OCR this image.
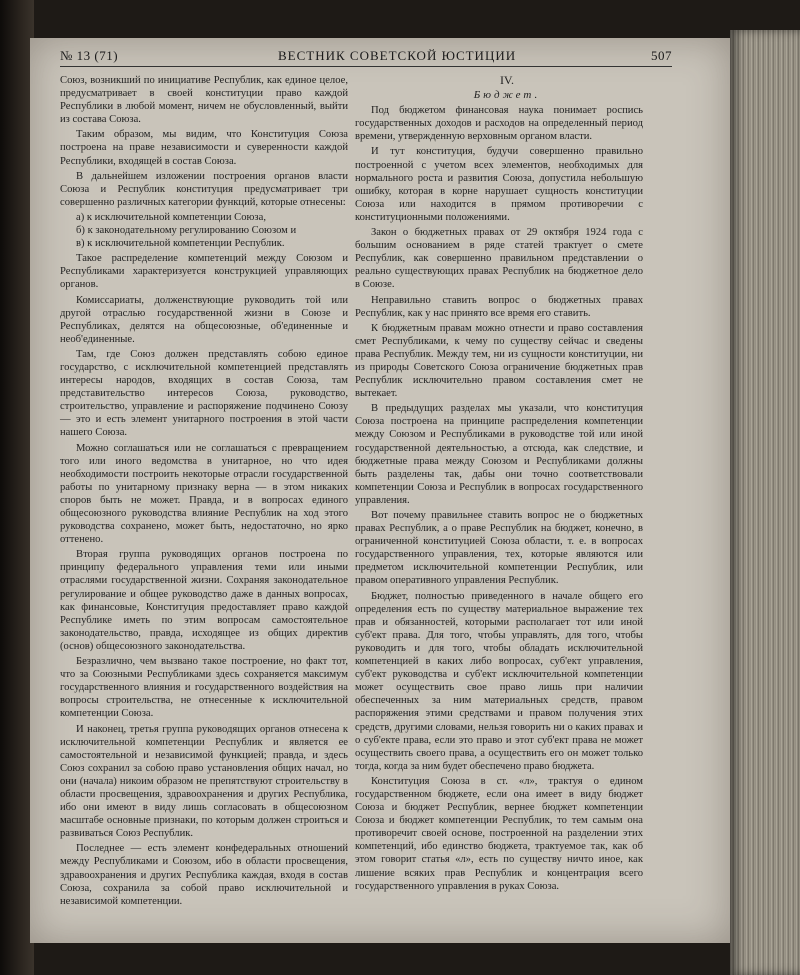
№ 13 (71)	ВЕСТНИК СОВЕТСКОЙ ЮСТИЦИИ	507

Союз, возникший по инициативе Республик, как единое целое, предусматривает в своей конституции право каждой Республики в любой момент, ничем не обусловленный, выйти из состава Союза.

Таким образом, мы видим, что Конституция Союза построена на праве независимости и суверенности каждой Республики, входящей в состав Союза.

В дальнейшем изложении построения органов власти Союза и Республик конституция предусматривает три совершенно различных категории функций, которые отнесены:

а) к исключительной компетенции Союза,

б) к законодательному регулированию Союзом и

в) к исключительной компетенции Республик.

Такое распределение компетенций между Союзом и Республиками характеризуется конструкцией управляющих органов.

Комиссариаты, долженствующие руководить той или другой отраслью государственной жизни в Союзе и Республиках, делятся на общесоюзные, об'единенные и необ'единенные.

Там, где Союз должен представлять собою единое государство, с исключительной компетенцией представлять интересы народов, входящих в состав Союза, там представительство интересов Союза, руководство, строительство, управление и распоряжение подчинено Союзу — это и есть элемент унитарного построения в этой части нашего Союза.

Можно соглашаться или не соглашаться с превращением того или иного ведомства в унитарное, но что идея необходимости построить некоторые отрасли государственной работы по унитарному признаку верна — в этом никаких споров быть не может. Правда, и в вопросах единого общесоюзного руководства влияние Республик на ход этого руководства сохранено, может быть, недостаточно, но ярко оттенено.

Вторая группа руководящих органов построена по принципу федерального управления теми или иными отраслями государственной жизни. Сохраняя законодательное регулирование и общее руководство даже в данных вопросах, как финансовые, Конституция предоставляет право каждой Республике иметь по этим вопросам самостоятельное законодательство, правда, исходящее из общих директив (основ) общесоюзного законодательства.

Безразлично, чем вызвано такое построение, но факт тот, что за Союзными Республиками здесь сохраняется максимум государственного влияния и государственного воздействия на вопросы строительства, не отнесенные к исключительной компетенции Союза.

И наконец, третья группа руководящих органов отнесена к исключительной компетенции Республик и является ее самостоятельной и независимой функцией; правда, и здесь Союз сохранил за собою право установления общих начал, но они (начала) никоим образом не препятствуют строительству в области просвещения, здравоохранения и других Республика, ибо они имеют в виду лишь согласовать в общесоюзном масштабе основные признаки, по которым должен строиться и развиваться Союз Республик.

Последнее — есть элемент конфедеральных отношений между Республиками и Союзом, ибо в области просвещения, здравоохранения и других Республика каждая, входя в состав Союза, сохранила за собой право исключительной и независимой компетенции.

IV.

Бюджет.

Под бюджетом финансовая наука понимает роспись государственных доходов и расходов на определенный период времени, утвержденную верховным органом власти.

И тут конституция, будучи совершенно правильно построенной с учетом всех элементов, необходимых для нормального роста и развития Союза, допустила небольшую ошибку, которая в корне нарушает сущность конституции Союза или находится в прямом противоречии с конституционными положениями.

Закон о бюджетных правах от 29 октября 1924 года с большим основанием в ряде статей трактует о смете Республик, как совершенно правильном представлении о реально существующих правах Республик на бюджетное дело в Союзе.

Неправильно ставить вопрос о бюджетных правах Республик, как у нас принято все время его ставить.

К бюджетным правам можно отнести и право составления смет Республиками, к чему по существу сейчас и сведены права Республик. Между тем, ни из сущности конституции, ни из природы Советского Союза ограничение бюджетных прав Республик исключительно правом составления смет не вытекает.

В предыдущих разделах мы указали, что конституция Союза построена на принципе распределения компетенции между Союзом и Республиками в руководстве той или иной государственной деятельностью, а отсюда, как следствие, и бюджетные права между Союзом и Республиками должны быть разделены так, дабы они точно соответствовали компетенции Союза и Республик в вопросах государственного управления.

Вот почему правильнее ставить вопрос не о бюджетных правах Республик, а о праве Республик на бюджет, конечно, в ограниченной конституцией Союза области, т. е. в вопросах государственного управления, тех, которые являются или предметом исключительной компетенции Республик, или правом оперативного управления Республик.

Бюджет, полностью приведенного в начале общего его определения есть по существу материальное выражение тех прав и обязанностей, которыми располагает тот или иной суб'ект права. Для того, чтобы управлять, для того, чтобы руководить и для того, чтобы обладать исключительной компетенцией в каких либо вопросах, суб'ект управления, суб'ект руководства и суб'ект исключительной компетенции может осуществить свое право лишь при наличии обеспеченных за ним материальных средств, правом распоряжения этими средствами и правом получения этих средств, другими словами, нельзя говорить ни о каких правах и о суб'екте права, если это право и этот суб'ект права не может осуществить своего права, а осуществить его он может только тогда, когда за ним будет обеспечено право бюджета.

Конституция Союза в ст. «л», трактуя о едином государственном бюджете, если она имеет в виду бюджет Союза и бюджет Республик, вернее бюджет компетенции Союза и бюджет компетенции Республик, то тем самым она противоречит своей основе, построенной на разделении этих компетенций, ибо единство бюджета, трактуемое так, как об этом говорит статья «л», есть по существу ничто иное, как лишение всяких прав Республик и концентрация всего государственного управления в руках Союза.
